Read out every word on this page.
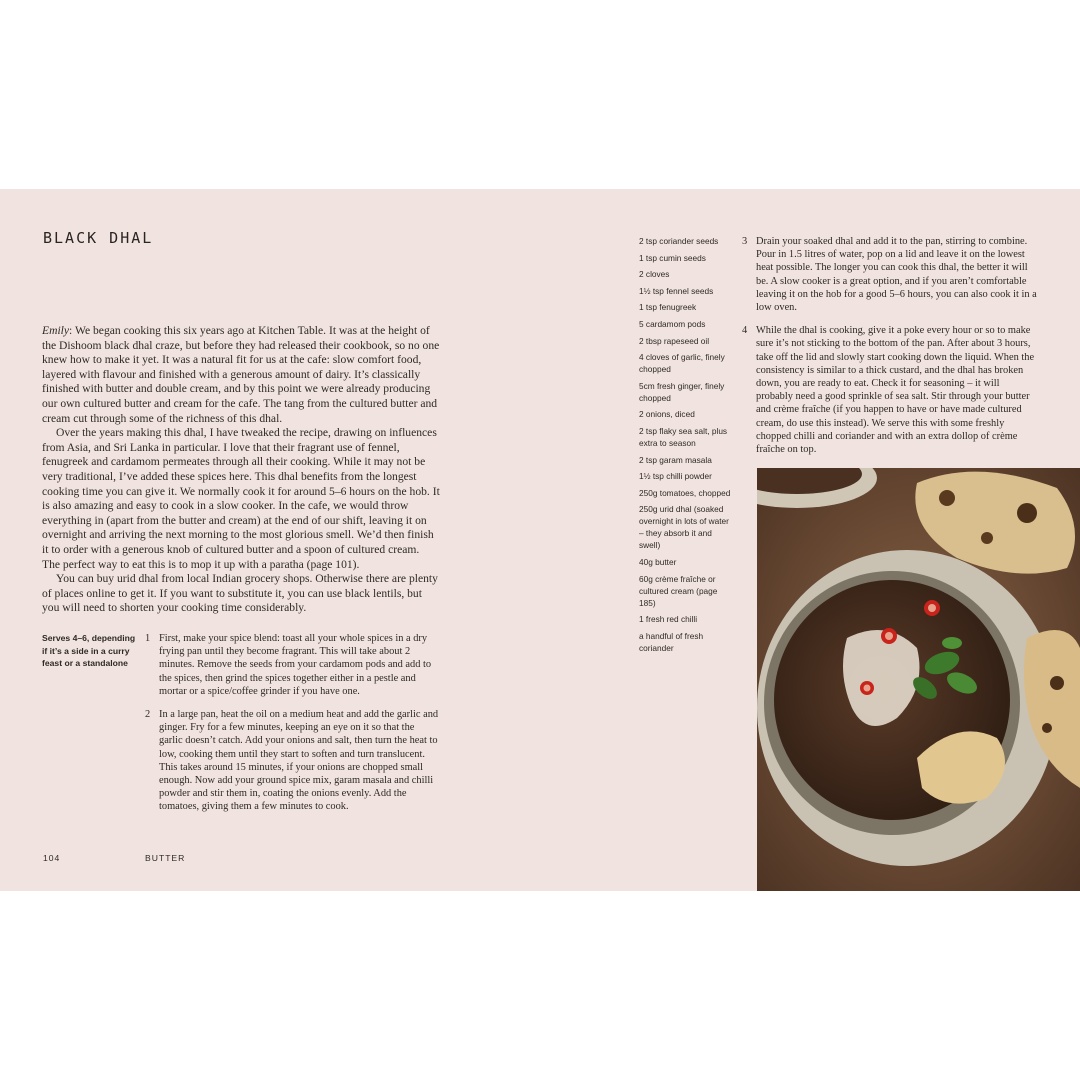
BLACK DHAL

Emily: We began cooking this six years ago at Kitchen Table. It was at the height of the Dishoom black dhal craze, but before they had released their cookbook, so no one knew how to make it yet. It was a natural fit for us at the cafe: slow comfort food, layered with flavour and finished with a generous amount of dairy. It’s classically finished with butter and double cream, and by this point we were already producing our own cultured butter and cream for the cafe. The tang from the cultured butter and cream cut through some of the richness of this dhal.

Over the years making this dhal, I have tweaked the recipe, drawing on influences from Asia, and Sri Lanka in particular. I love that their fragrant use of fennel, fenugreek and cardamom permeates through all their cooking. While it may not be very traditional, I’ve added these spices here. This dhal benefits from the longest cooking time you can give it. We normally cook it for around 5–6 hours on the hob. It is also amazing and easy to cook in a slow cooker. In the cafe, we would throw everything in (apart from the butter and cream) at the end of our shift, leaving it on overnight and arriving the next morning to the most glorious smell. We’d then finish it to order with a generous knob of cultured butter and a spoon of cultured cream. The perfect way to eat this is to mop it up with a paratha (page 101).

You can buy urid dhal from local Indian grocery shops. Otherwise there are plenty of places online to get it. If you want to substitute it, you can use black lentils, but you will need to shorten your cooking time considerably.

Serves 4–6, depending if it’s a side in a curry feast or a standalone
1 First, make your spice blend: toast all your whole spices in a dry frying pan until they become fragrant. This will take about 2 minutes. Remove the seeds from your cardamom pods and add to the spices, then grind the spices together either in a pestle and mortar or a spice/coffee grinder if you have one.
2 In a large pan, heat the oil on a medium heat and add the garlic and ginger. Fry for a few minutes, keeping an eye on it so that the garlic doesn’t catch. Add your onions and salt, then turn the heat to low, cooking them until they start to soften and turn translucent. This takes around 15 minutes, if your onions are chopped small enough. Now add your ground spice mix, garam masala and chilli powder and stir them in, coating the onions evenly. Add the tomatoes, giving them a few minutes to cook.
104	BUTTER
2 tsp coriander seeds
1 tsp cumin seeds
2 cloves
1½ tsp fennel seeds
1 tsp fenugreek
5 cardamom pods
2 tbsp rapeseed oil
4 cloves of garlic, finely chopped
5cm fresh ginger, finely chopped
2 onions, diced
2 tsp flaky sea salt, plus extra to season
2 tsp garam masala
1½ tsp chilli powder
250g tomatoes, chopped
250g urid dhal (soaked overnight in lots of water – they absorb it and swell)
40g butter
60g crème fraîche or cultured cream (page 185)
1 fresh red chilli
a handful of fresh coriander
3 Drain your soaked dhal and add it to the pan, stirring to combine. Pour in 1.5 litres of water, pop on a lid and leave it on the lowest heat possible. The longer you can cook this dhal, the better it will be. A slow cooker is a great option, and if you aren’t comfortable leaving it on the hob for a good 5–6 hours, you can also cook it in a low oven.
4 While the dhal is cooking, give it a poke every hour or so to make sure it’s not sticking to the bottom of the pan. After about 3 hours, take off the lid and slowly start cooking down the liquid. When the consistency is similar to a thick custard, and the dhal has broken down, you are ready to eat. Check it for seasoning – it will probably need a good sprinkle of sea salt. Stir through your butter and crème fraîche (if you happen to have or have made cultured cream, do use this instead). We serve this with some freshly chopped chilli and coriander and with an extra dollop of crème fraîche on top.
